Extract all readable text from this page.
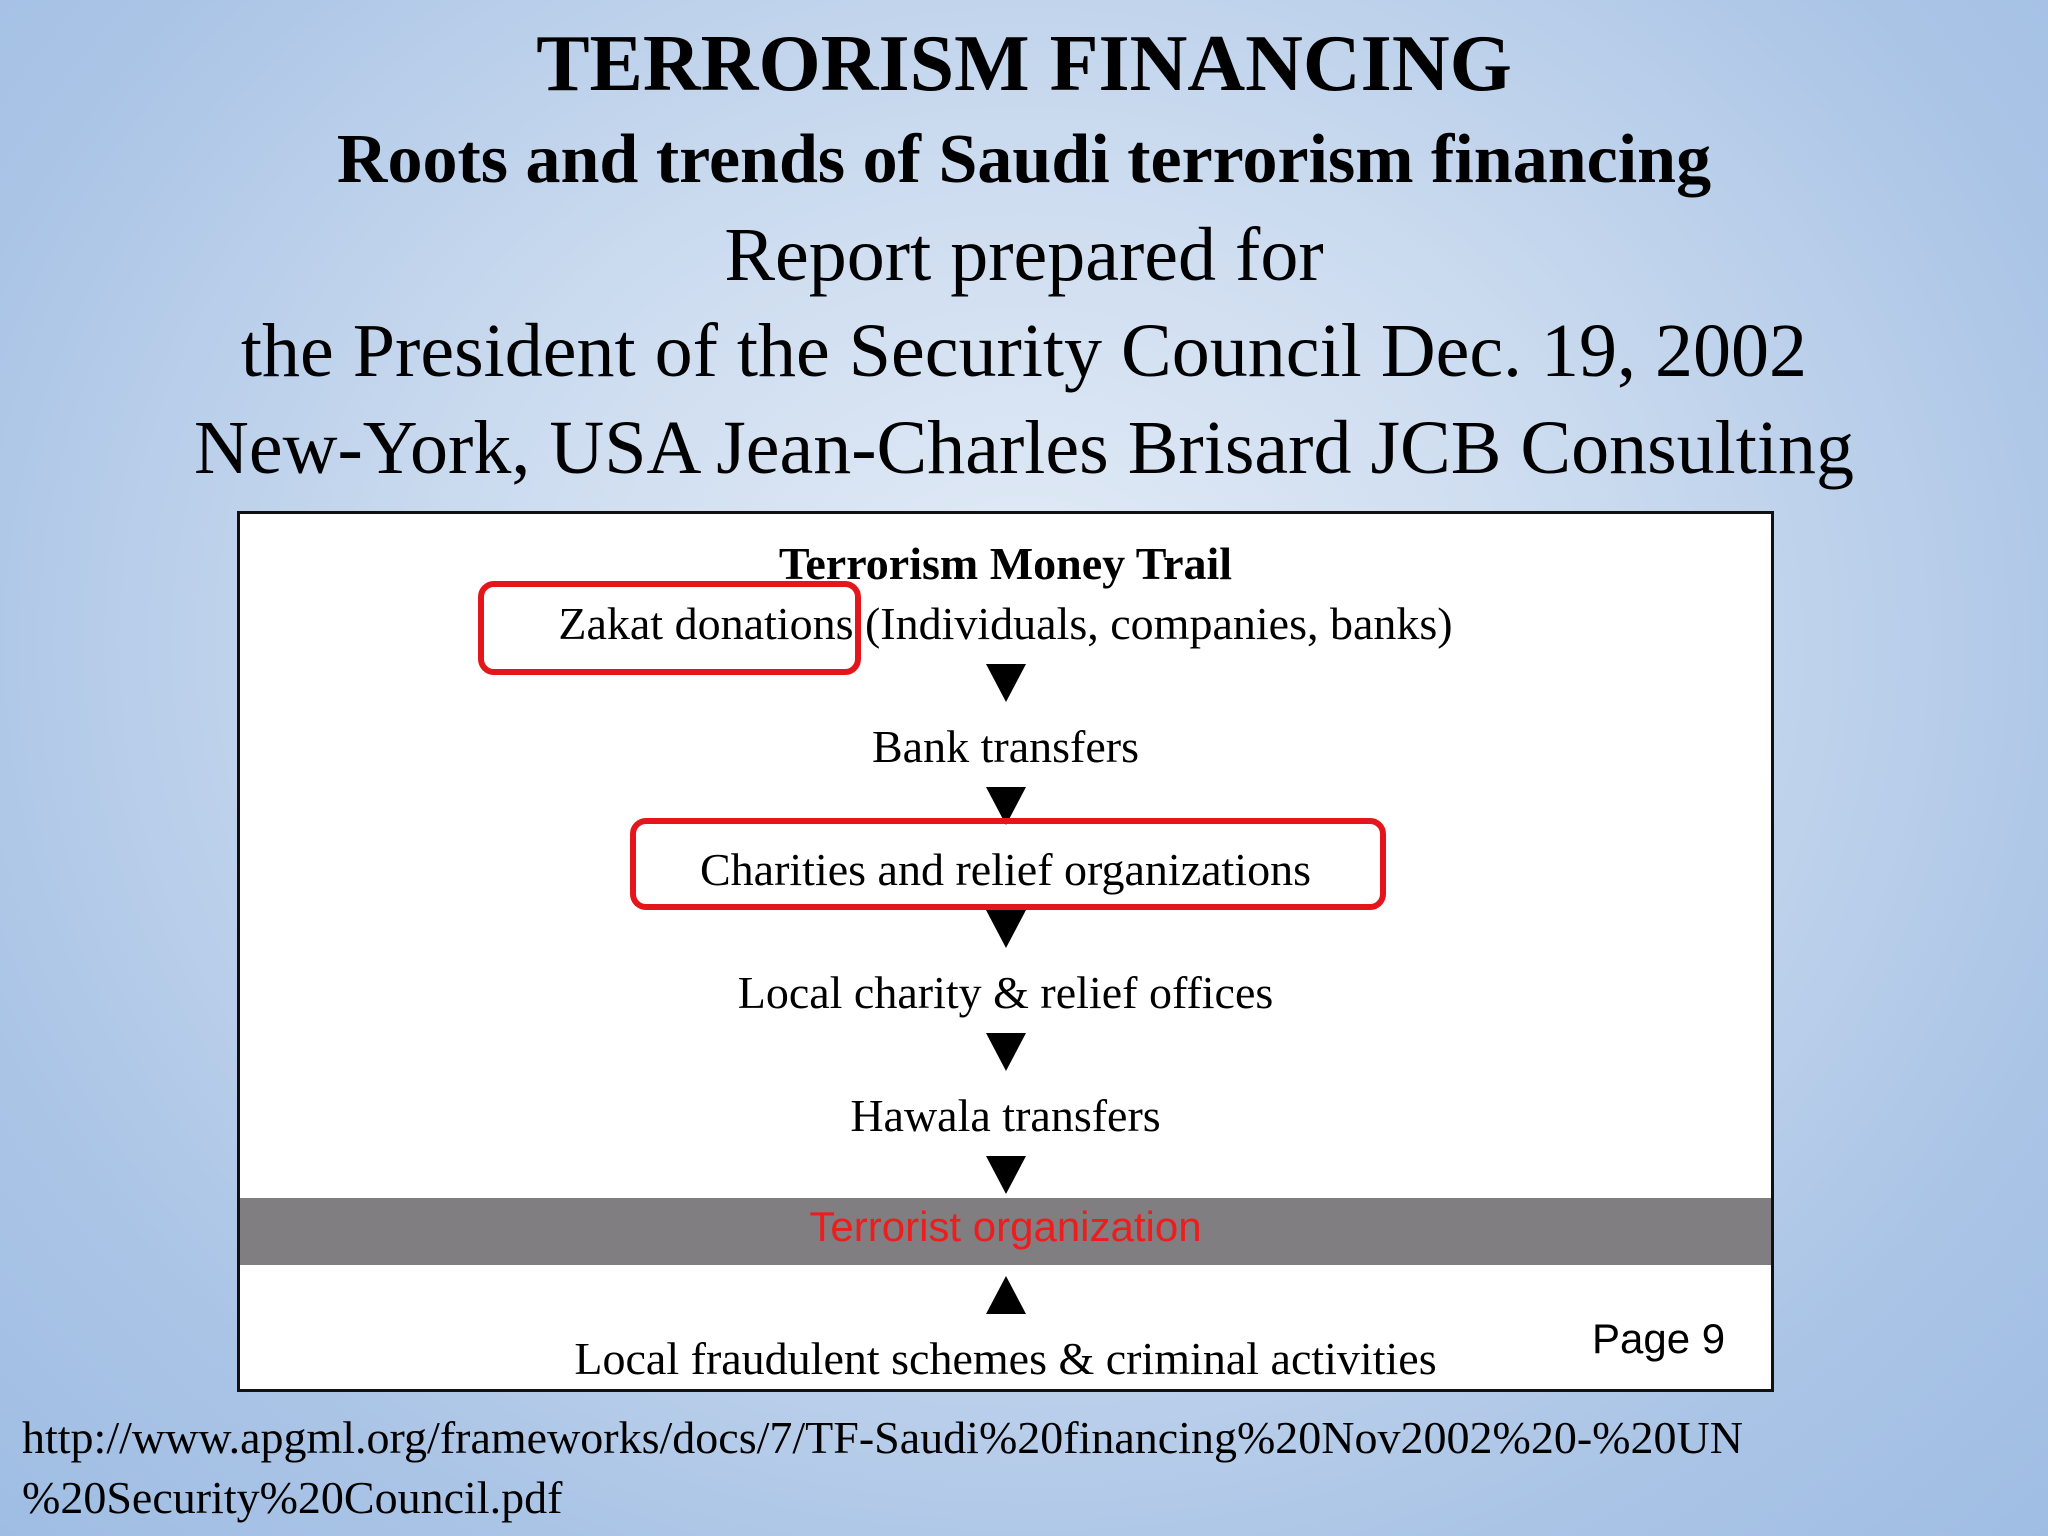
TERRORISM FINANCING
Roots and trends of Saudi terrorism financing
Report prepared for
the President of the Security Council Dec. 19, 2002
New-York, USA Jean-Charles Brisard JCB Consulting
Terrorism Money Trail
Zakat donations (Individuals, companies, banks)
Bank transfers
Charities and relief organizations
Local charity & relief offices
Hawala transfers
Terrorist organization
Local fraudulent schemes & criminal activities	Page 9
http://www.apgml.org/frameworks/docs/7/TF-Saudi%20financing%20Nov2002%20-%20UN
%20Security%20Council.pdf
